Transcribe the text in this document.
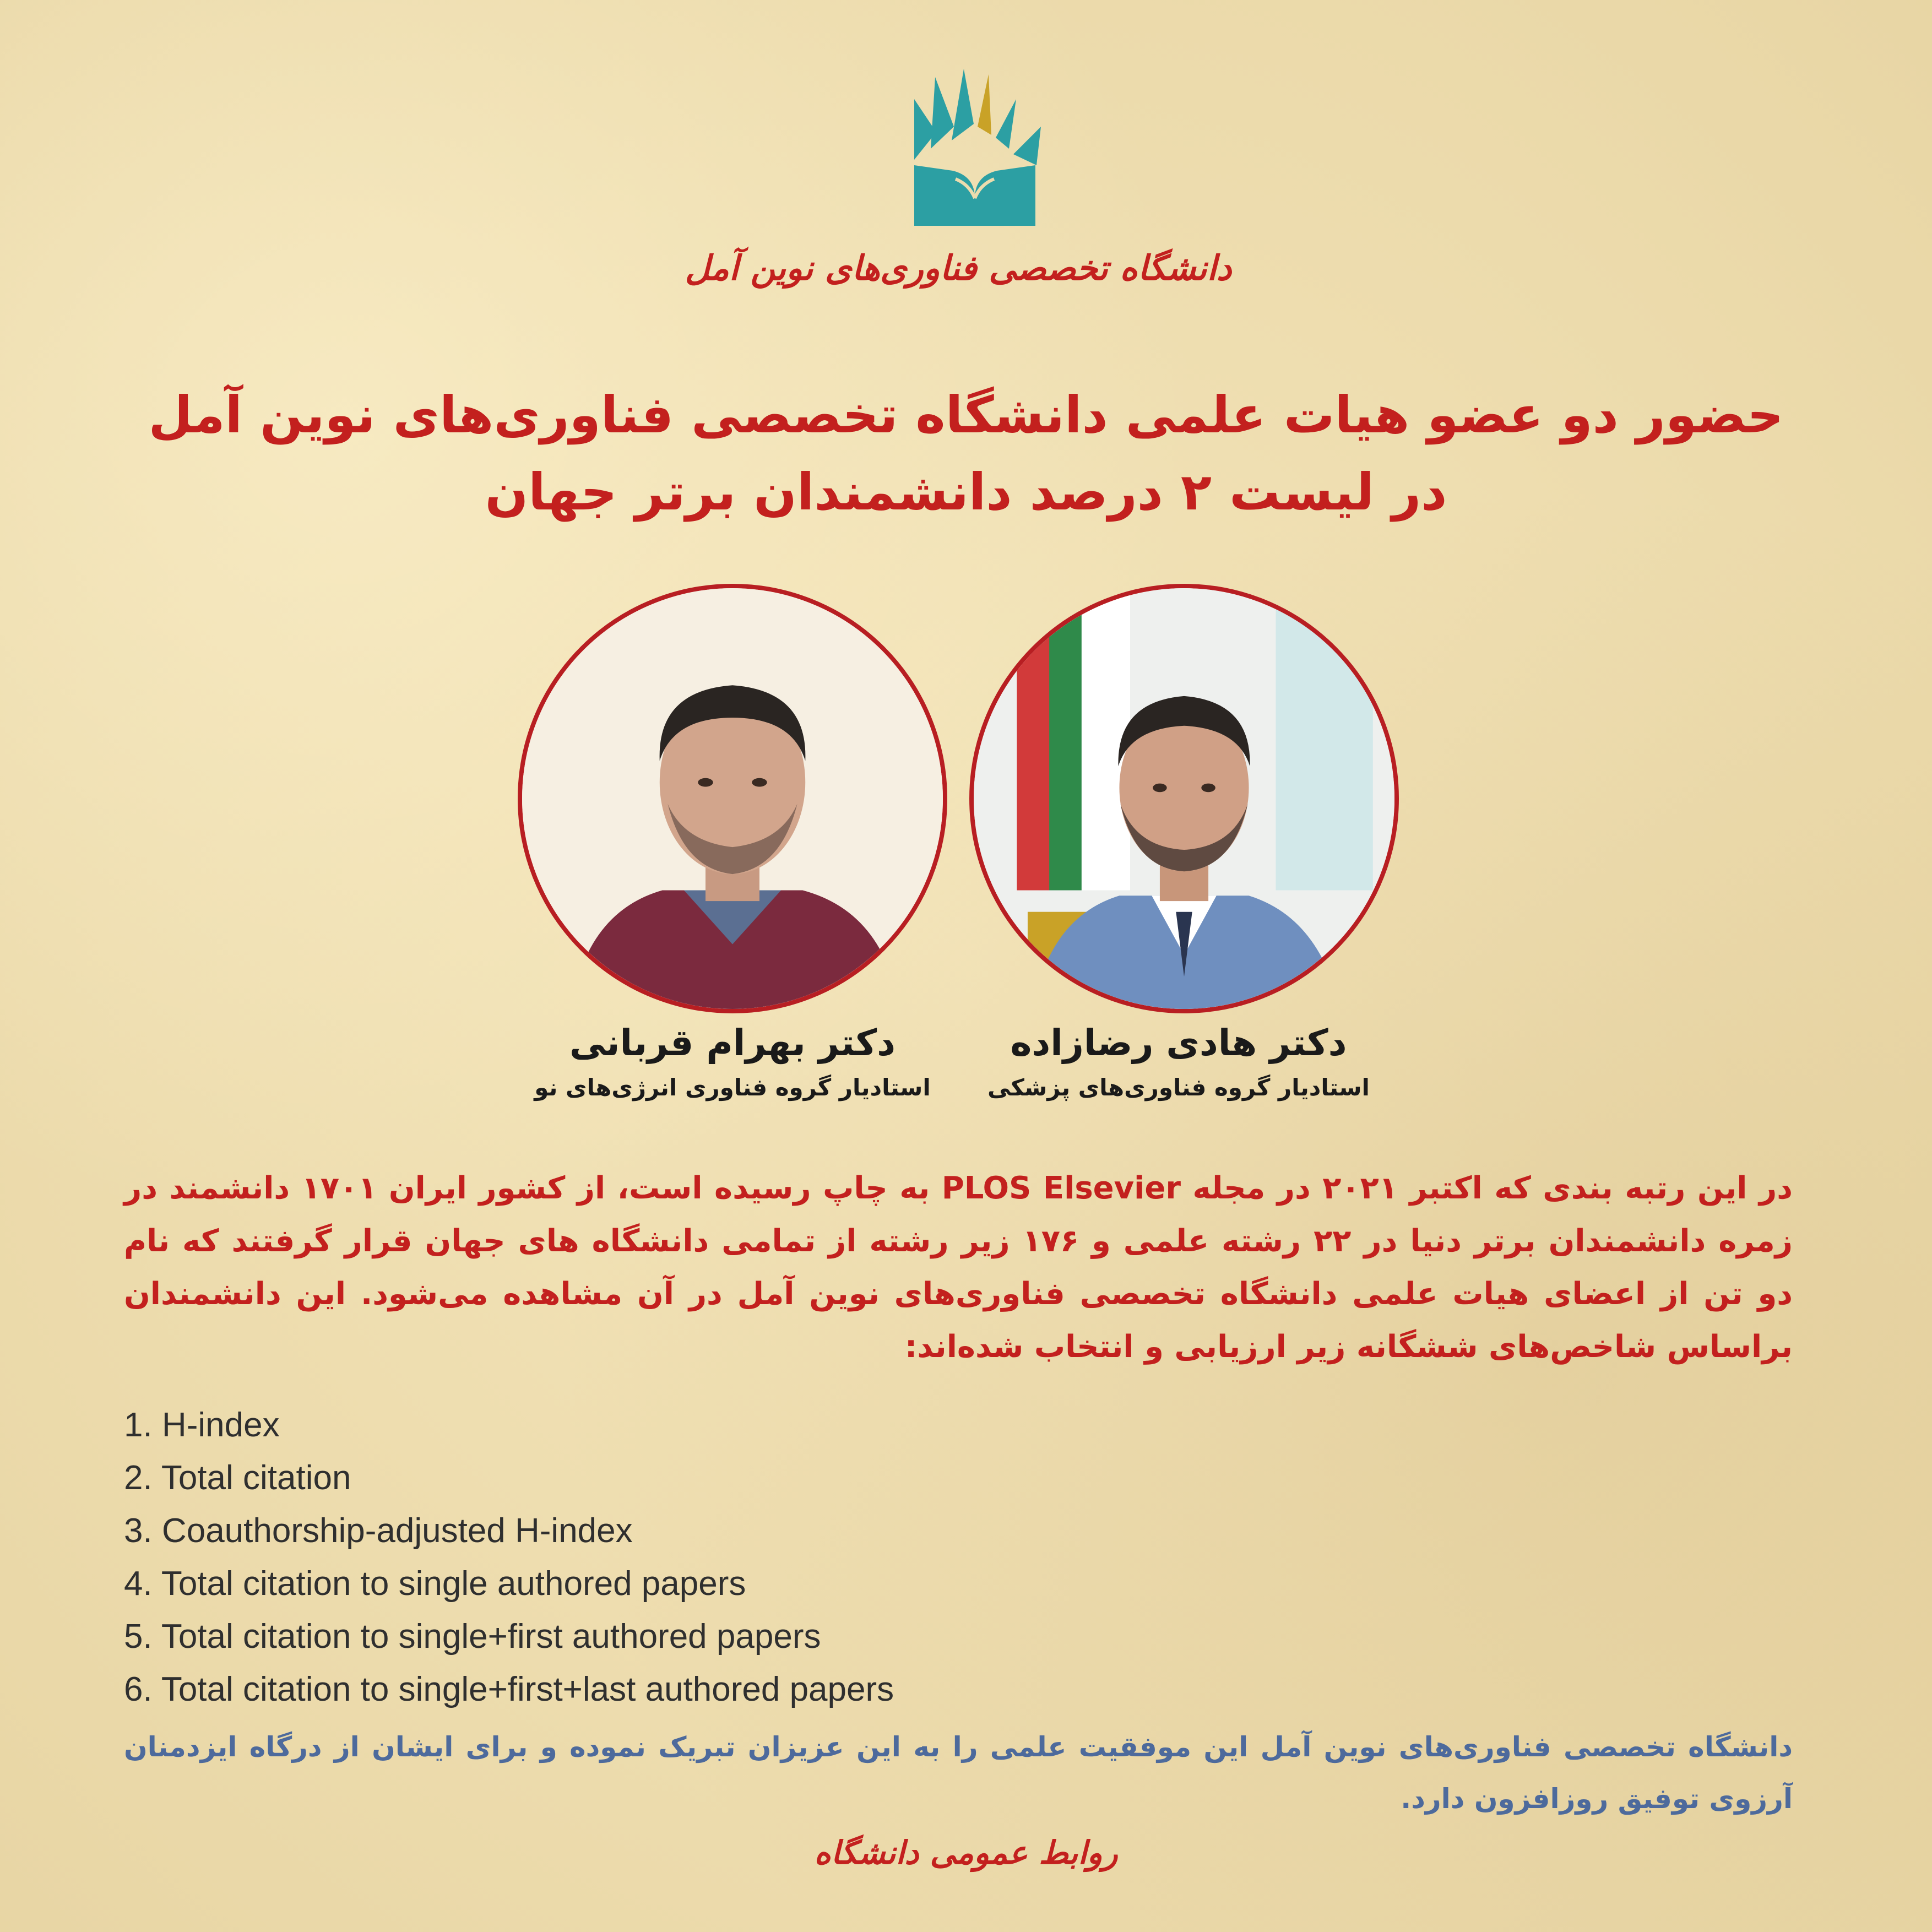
دانشگاه تخصصی فناوری‌های نوین آمل
حضور دو عضو هیات علمی دانشگاه تخصصی فناوری‌های نوین آمل
در لیست ۲ درصد دانشمندان برتر جهان
دکتر بهرام قربانی
استادیار گروه فناوری انرژی‌های نو
دکتر هادی رضازاده
استادیار گروه فناوری‌های پزشکی
در این رتبه بندی که اکتبر ۲۰۲۱ در مجله PLOS Elsevier به چاپ رسیده است، از کشور ایران ۱۷۰۱ دانشمند در زمره دانشمندان برتر دنیا در ۲۲ رشته علمی و ۱۷۶ زیر رشته از تمامی دانشگاه های جهان قرار گرفتند که نام دو تن از اعضای هیات علمی دانشگاه تخصصی فناوری‌های نوین آمل در آن مشاهده می‌شود. این دانشمندان براساس شاخص‌های ششگانه زیر ارزیابی و انتخاب شده‌اند:
1. H-index
2. Total citation
3. Coauthorship-adjusted H-index
4. Total citation to single authored papers
5. Total citation to single+first authored papers
6. Total citation to single+first+last authored papers
دانشگاه تخصصی فناوری‌های نوین آمل این موفقیت علمی را به این عزیزان تبریک نموده و برای ایشان از درگاه ایزدمنان آرزوی توفیق روزافزون دارد.
روابط عمومی دانشگاه
